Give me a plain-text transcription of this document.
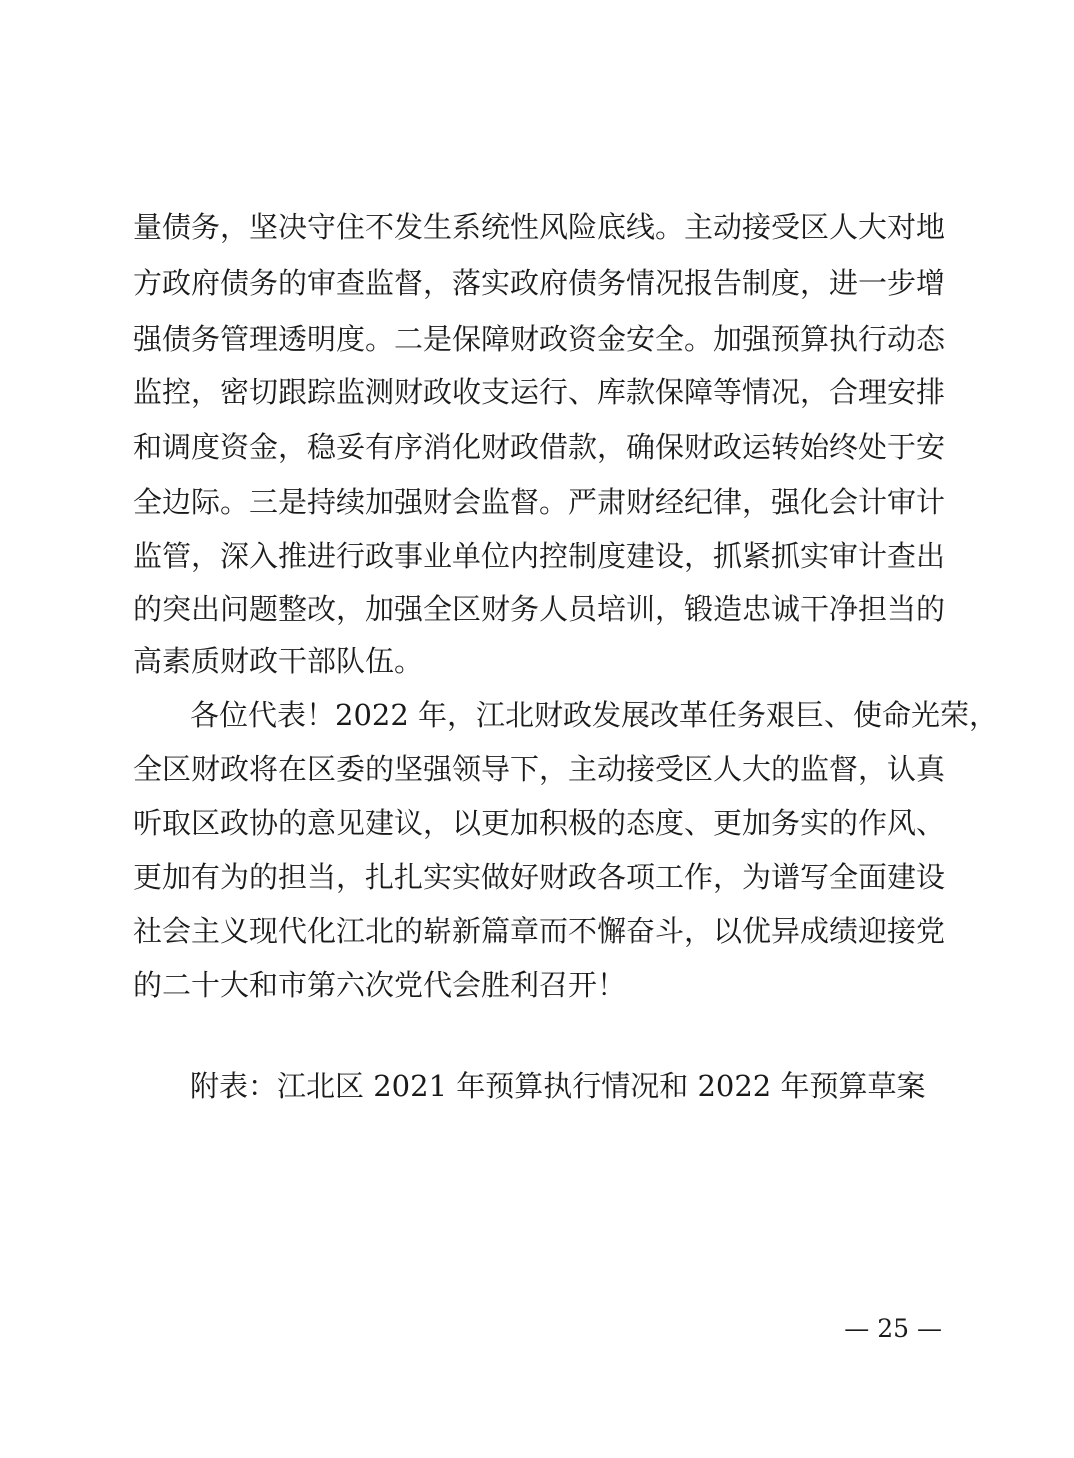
量债务，坚决守住不发生系统性风险底线。主动接受区人大对地
方政府债务的审查监督，落实政府债务情况报告制度，进一步增
强债务管理透明度。二是保障财政资金安全。加强预算执行动态
监控，密切跟踪监测财政收支运行、库款保障等情况，合理安排
和调度资金，稳妥有序消化财政借款，确保财政运转始终处于安
全边际。三是持续加强财会监督。严肃财经纪律，强化会计审计
监管，深入推进行政事业单位内控制度建设，抓紧抓实审计查出
的突出问题整改，加强全区财务人员培训，锻造忠诚干净担当的
高素质财政干部队伍。
各位代表！2022 年，江北财政发展改革任务艰巨、使命光荣，
全区财政将在区委的坚强领导下，主动接受区人大的监督，认真
听取区政协的意见建议，以更加积极的态度、更加务实的作风、
更加有为的担当，扎扎实实做好财政各项工作，为谱写全面建设
社会主义现代化江北的崭新篇章而不懈奋斗，以优异成绩迎接党
的二十大和市第六次党代会胜利召开！
附表：江北区 2021 年预算执行情况和 2022 年预算草案
— 25 —
